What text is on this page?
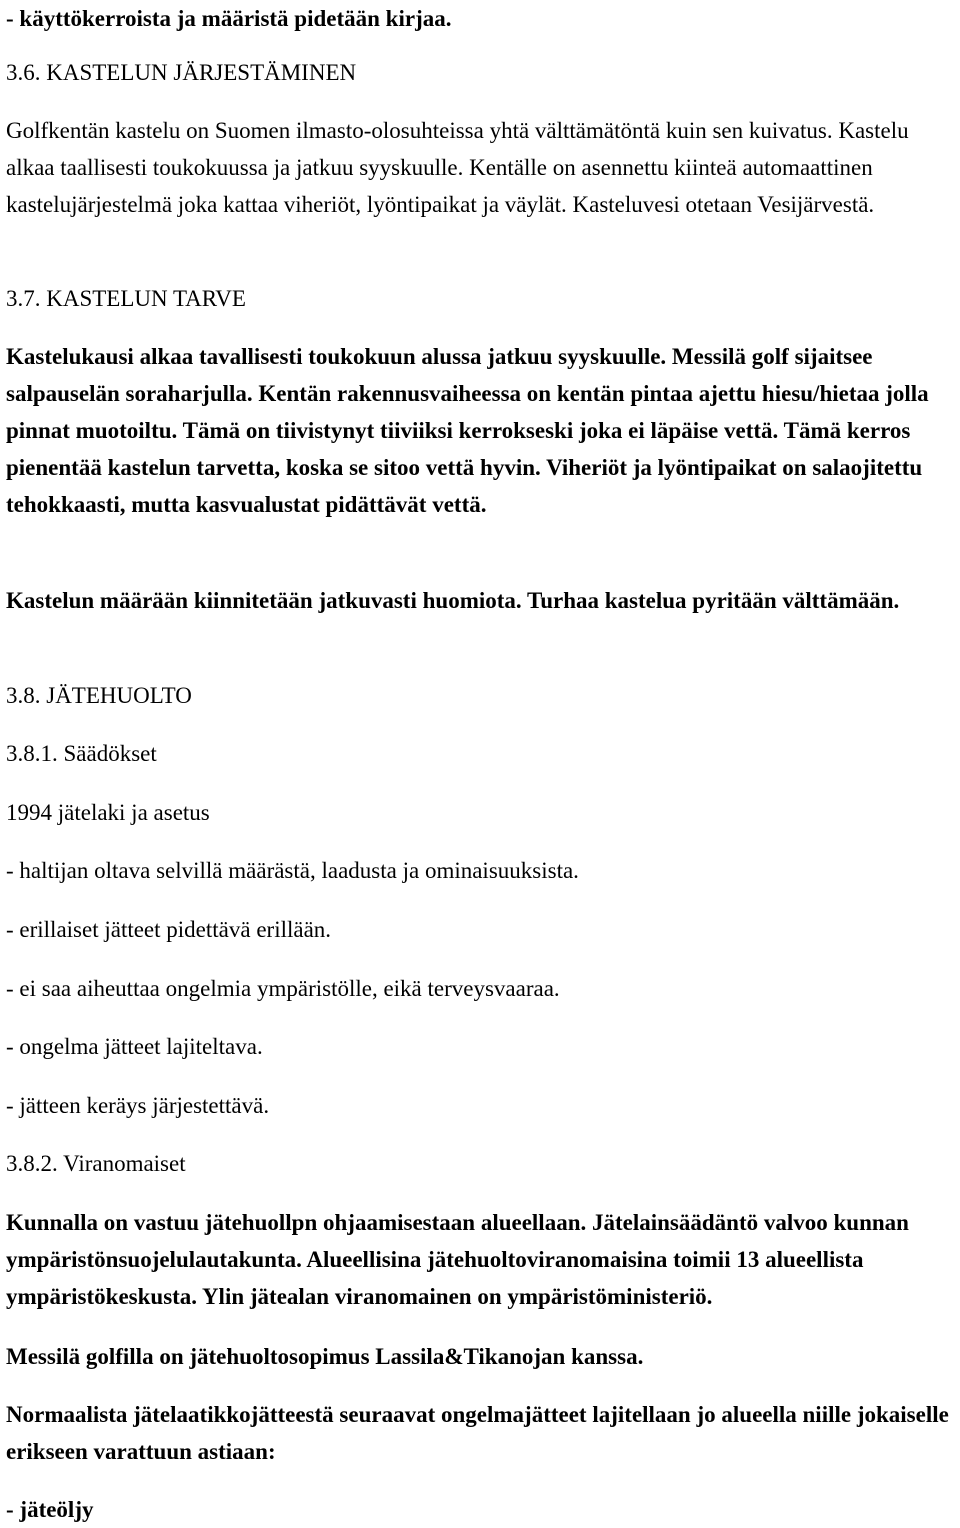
- käyttökerroista ja määristä pidetään kirjaa.

3.6. KASTELUN JÄRJESTÄMINEN

Golfkentän kastelu on Suomen ilmasto-olosuhteissa yhtä välttämätöntä kuin sen kuivatus. Kastelu alkaa taallisesti toukokuussa ja jatkuu syyskuulle. Kentälle on asennettu kiinteä automaattinen kastelujärjestelmä joka kattaa viheriöt, lyöntipaikat ja väylät. Kasteluvesi otetaan Vesijärvestä.

3.7. KASTELUN TARVE

Kastelukausi alkaa tavallisesti toukokuun alussa jatkuu syyskuulle. Messilä golf sijaitsee salpauselän soraharjulla. Kentän rakennusvaiheessa on kentän pintaa ajettu hiesu/hietaa jolla pinnat muotoiltu. Tämä on tiivistynyt tiiviiksi kerrokseski joka ei läpäise vettä. Tämä kerros pienentää kastelun tarvetta, koska se sitoo vettä hyvin. Viheriöt ja lyöntipaikat on salaojitettu tehokkaasti, mutta kasvualustat pidättävät vettä.

Kastelun määrään kiinnitetään jatkuvasti huomiota. Turhaa kastelua pyritään välttämään.

3.8. JÄTEHUOLTO

3.8.1. Säädökset

1994 jätelaki ja asetus

- haltijan oltava selvillä määrästä, laadusta ja ominaisuuksista.

- erillaiset jätteet pidettävä erillään.

- ei saa aiheuttaa ongelmia ympäristölle, eikä terveysvaaraa.

- ongelma jätteet lajiteltava.

- jätteen keräys järjestettävä.

3.8.2. Viranomaiset

Kunnalla on vastuu jätehuollpn ohjaamisestaan alueellaan. Jätelainsäädäntö valvoo kunnan ympäristönsuojelulautakunta. Alueellisina jätehuoltoviranomaisina toimii 13 alueellista ympäristökeskusta. Ylin jätealan viranomainen on ympäristöministeriö.

Messilä golfilla on jätehuoltosopimus Lassila&Tikanojan kanssa.

Normaalista jätelaatikkojätteestä seuraavat ongelmajätteet lajitellaan jo alueella niille jokaiselle erikseen varattuun astiaan:

- jäteöljy
